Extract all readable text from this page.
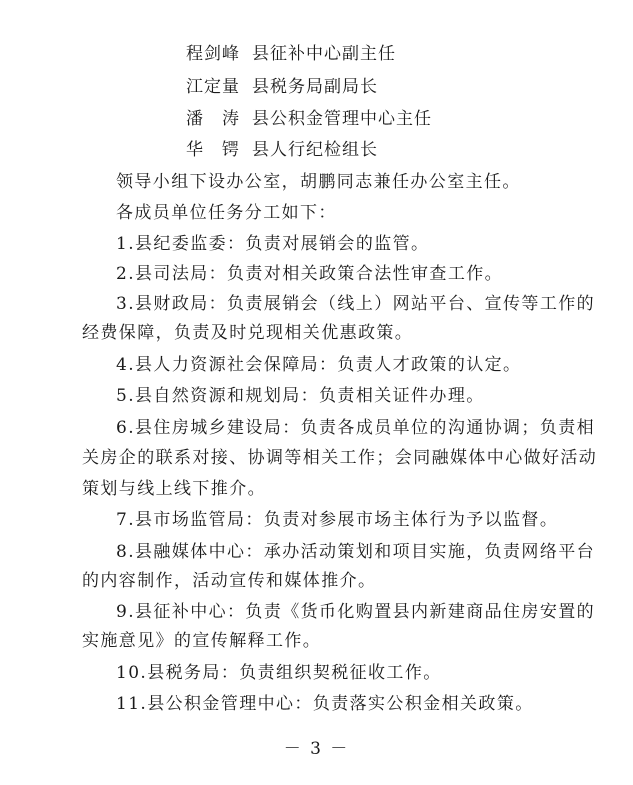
程剑峰 县征补中心副主任
江定量 县税务局副局长
潘　涛 县公积金管理中心主任
华　锷 县人行纪检组长
领导小组下设办公室，胡鹏同志兼任办公室主任。
各成员单位任务分工如下：
1.县纪委监委：负责对展销会的监管。
2.县司法局：负责对相关政策合法性审查工作。
3.县财政局：负责展销会（线上）网站平台、宣传等工作的
经费保障，负责及时兑现相关优惠政策。
4.县人力资源社会保障局：负责人才政策的认定。
5.县自然资源和规划局：负责相关证件办理。
6.县住房城乡建设局：负责各成员单位的沟通协调；负责相
关房企的联系对接、协调等相关工作；会同融媒体中心做好活动
策划与线上线下推介。
7.县市场监管局：负责对参展市场主体行为予以监督。
8.县融媒体中心：承办活动策划和项目实施，负责网络平台
的内容制作，活动宣传和媒体推介。
9.县征补中心：负责《货币化购置县内新建商品住房安置的
实施意见》的宣传解释工作。
10.县税务局：负责组织契税征收工作。
11.县公积金管理中心：负责落实公积金相关政策。
－ 3 －
